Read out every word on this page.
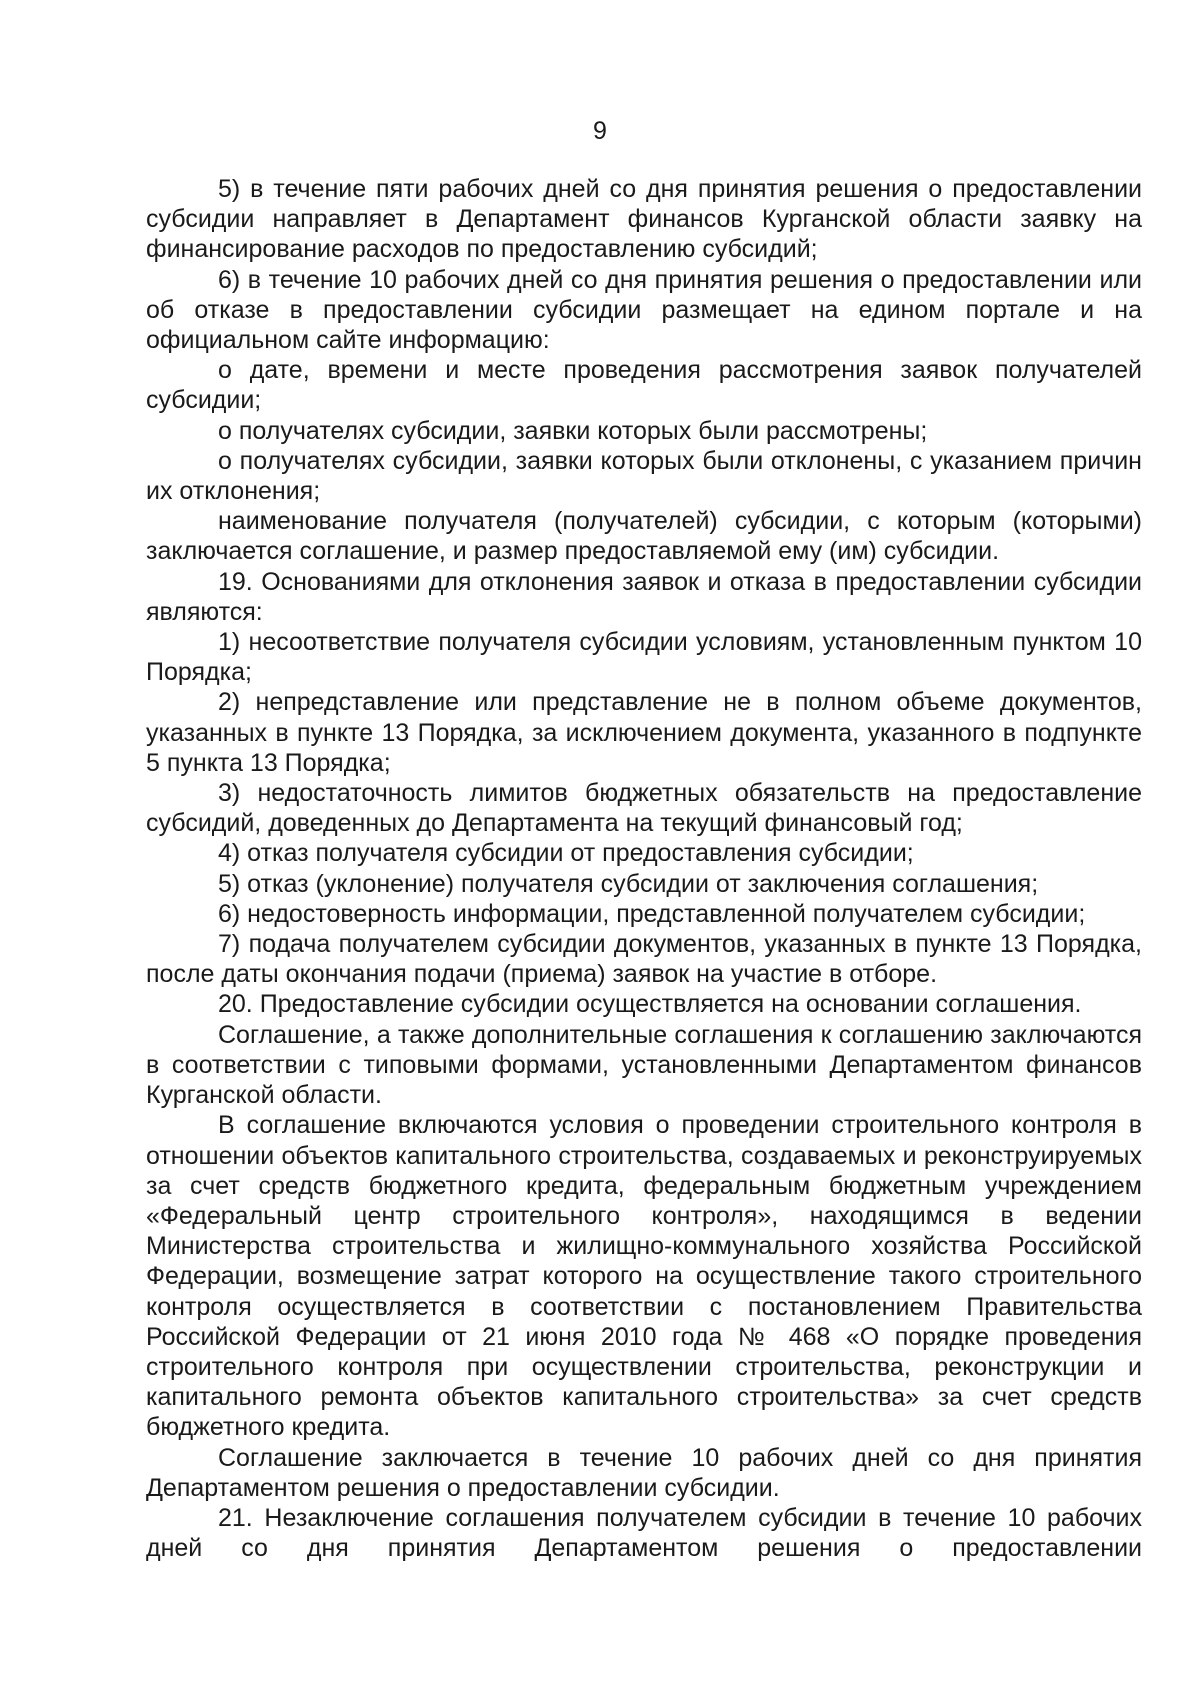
9

5) в течение пяти рабочих дней со дня принятия решения о предоставлении субсидии направляет в Департамент финансов Курганской области заявку на финансирование расходов по предоставлению субсидий;

6) в течение 10 рабочих дней со дня принятия решения о предоставлении или об отказе в предоставлении субсидии размещает на едином портале и на официальном сайте информацию:

о дате, времени и месте проведения рассмотрения заявок получателей субсидии;

о получателях субсидии, заявки которых были рассмотрены;

о получателях субсидии, заявки которых были отклонены, с указанием причин их отклонения;

наименование получателя (получателей) субсидии, с которым (которыми) заключается соглашение, и размер предоставляемой ему (им) субсидии.

19. Основаниями для отклонения заявок и отказа в предоставлении субсидии являются:

1) несоответствие получателя субсидии условиям, установленным пунктом 10 Порядка;

2) непредставление или представление не в полном объеме документов, указанных в пункте 13 Порядка, за исключением документа, указанного в подпункте 5 пункта 13 Порядка;

3) недостаточность лимитов бюджетных обязательств на предоставление субсидий, доведенных до Департамента на текущий финансовый год;

4) отказ получателя субсидии от предоставления субсидии;

5) отказ (уклонение) получателя субсидии от заключения соглашения;

6) недостоверность информации, представленной получателем субсидии;

7) подача получателем субсидии документов, указанных в пункте 13 Порядка, после даты окончания подачи (приема) заявок на участие в отборе.

20. Предоставление субсидии осуществляется на основании соглашения.

Соглашение, а также дополнительные соглашения к соглашению заключаются в соответствии с типовыми формами, установленными Департаментом финансов Курганской области.

В соглашение включаются условия о проведении строительного контроля в отношении объектов капитального строительства, создаваемых и реконструируемых за счет средств бюджетного кредита, федеральным бюджетным учреждением «Федеральный центр строительного контроля», находящимся в ведении Министерства строительства и жилищно-коммунального хозяйства Российской Федерации, возмещение затрат которого на осуществление такого строительного контроля осуществляется в соответствии с постановлением Правительства Российской Федерации от 21 июня 2010 года № 468 «О порядке проведения строительного контроля при осуществлении строительства, реконструкции и капитального ремонта объектов капитального строительства» за счет средств бюджетного кредита.

Соглашение заключается в течение 10 рабочих дней со дня принятия Департаментом решения о предоставлении субсидии.

21. Незаключение соглашения получателем субсидии в течение 10 рабочих дней со дня принятия Департаментом решения о предоставлении
